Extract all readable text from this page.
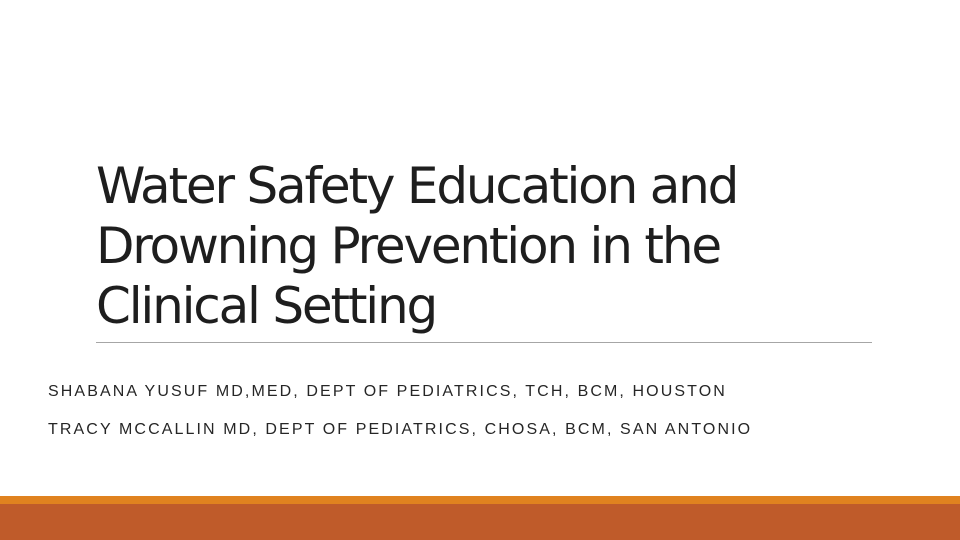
Water Safety Education and
Drowning Prevention in the
Clinical Setting

SHABANA YUSUF MD,MED, DEPT OF PEDIATRICS, TCH, BCM, HOUSTON
TRACY MCCALLIN MD, DEPT OF PEDIATRICS, CHOSA, BCM, SAN ANTONIO
